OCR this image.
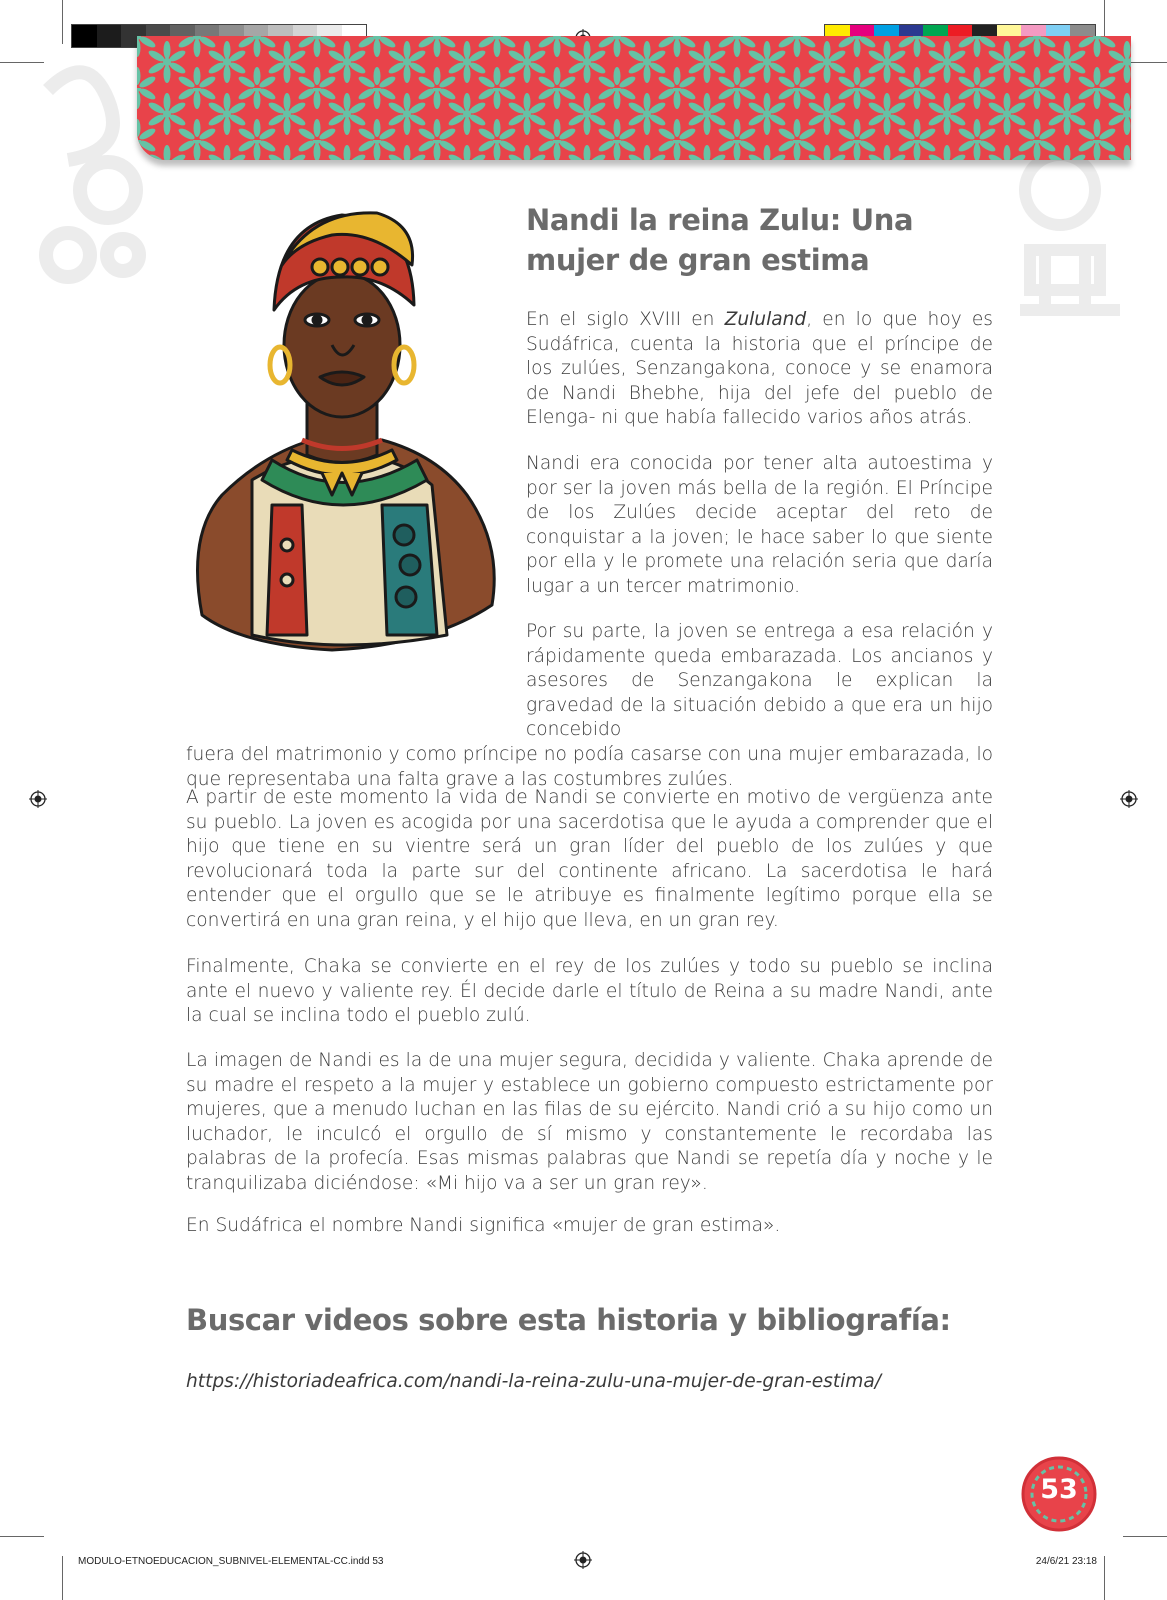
Nandi la reina Zulu: Una mujer de gran estima

En el siglo XVIII en Zululand, en lo que hoy es Sudáfrica, cuenta la historia que el príncipe de los zulúes, Senzangakona, conoce y se enamora de Nandi Bhebhe, hija del jefe del pueblo de Elenga- ni que había fallecido varios años atrás.

Nandi era conocida por tener alta autoestima y por ser la joven más bella de la región. El Príncipe de los Zulúes decide aceptar del reto de conquistar a la joven; le hace saber lo que siente por ella y le promete una relación seria que daría lugar a un tercer matrimonio.

Por su parte, la joven se entrega a esa relación y rápidamente queda embarazada. Los ancianos y asesores de Senzangakona le explican la gravedad de la situación debido a que era un hijo concebido
fuera del matrimonio y como príncipe no podía casarse con una mujer embarazada, lo que representaba una falta grave a las costumbres zulúes.

A partir de este momento la vida de Nandi se convierte en motivo de vergüenza ante su pueblo. La joven es acogida por una sacerdotisa que le ayuda a comprender que el hijo que tiene en su vientre será un gran líder del pueblo de los zulúes y que revolucionará toda la parte sur del continente africano. La sacerdotisa le hará entender que el orgullo que se le atribuye es finalmente legítimo porque ella se convertirá en una gran reina, y el hijo que lleva, en un gran rey.

Finalmente, Chaka se convierte en el rey de los zulúes y todo su pueblo se inclina ante el nuevo y valiente rey. Él decide darle el título de Reina a su madre Nandi, ante la cual se inclina todo el pueblo zulú.

La imagen de Nandi es la de una mujer segura, decidida y valiente. Chaka aprende de su madre el respeto a la mujer y establece un gobierno compuesto estrictamente por mujeres, que a menudo luchan en las filas de su ejército. Nandi crió a su hijo como un luchador, le inculcó el orgullo de sí mismo y constantemente le recordaba las palabras de la profecía. Esas mismas palabras que Nandi se repetía día y noche y le tranquilizaba diciéndose: «Mi hijo va a ser un gran rey».

En Sudáfrica el nombre Nandi significa «mujer de gran estima».

Buscar videos sobre esta historia y bibliografía:
https://historiadeafrica.com/nandi-la-reina-zulu-una-mujer-de-gran-estima/
53
MODULO-ETNOEDUCACION_SUBNIVEL-ELEMENTAL-CC.indd 53	24/6/21 23:18
